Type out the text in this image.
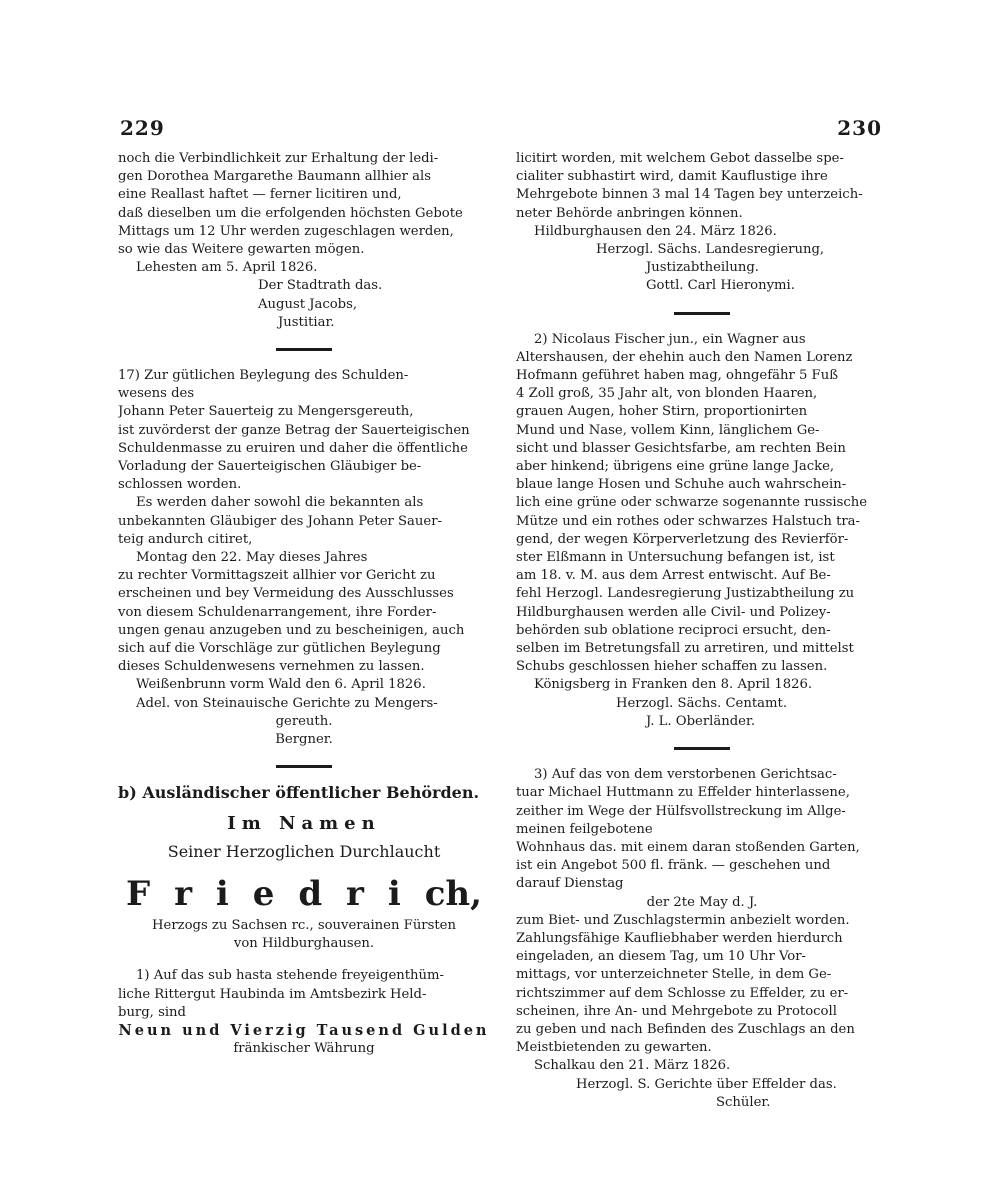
229	230

noch die Verbindlichkeit zur Erhaltung der ledi-

gen Dorothea Margarethe Baumann allhier als

eine Reallast haftet — ferner licitiren und,

daß dieselben um die erfolgenden höchsten Gebote

Mittags um 12 Uhr werden zugeschlagen werden,

so wie das Weitere gewarten mögen.

Lehesten am 5. April 1826.

Der Stadtrath das.

August Jacobs,

Justitiar.

17) Zur gütlichen Beylegung des Schulden-

wesens des

Johann Peter Sauerteig zu Mengersgereuth,

ist zuvörderst der ganze Betrag der Sauerteigischen

Schuldenmasse zu eruiren und daher die öffentliche

Vorladung der Sauerteigischen Gläubiger be-

schlossen worden.

Es werden daher sowohl die bekannten als

unbekannten Gläubiger des Johann Peter Sauer-

teig andurch citiret,

Montag den 22. May dieses Jahres

zu rechter Vormittagszeit allhier vor Gericht zu

erscheinen und bey Vermeidung des Ausschlusses

von diesem Schuldenarrangement, ihre Forder-

ungen genau anzugeben und zu bescheinigen, auch

sich auf die Vorschläge zur gütlichen Beylegung

dieses Schuldenwesens vernehmen zu lassen.

Weißenbrunn vorm Wald den 6. April 1826.

Adel. von Steinauische Gerichte zu Mengers-

gereuth.

Bergner.

b) Ausländischer öffentlicher Behörden.

Im Namen

Seiner Herzoglichen Durchlaucht

F r i e d r i ch,

Herzogs zu Sachsen rc., souverainen Fürsten

von Hildburghausen.

1) Auf das sub hasta stehende freyeigenthüm-

liche Rittergut Haubinda im Amtsbezirk Held-

burg, sind

Neun und Vierzig Tausend Gulden

fränkischer Währung

licitirt worden, mit welchem Gebot dasselbe spe-

cialiter subhastirt wird, damit Kauflustige ihre

Mehrgebote binnen 3 mal 14 Tagen bey unterzeich-

neter Behörde anbringen können.

Hildburghausen den 24. März 1826.

Herzogl. Sächs. Landesregierung,

Justizabtheilung.

Gottl. Carl Hieronymi.

2) Nicolaus Fischer jun., ein Wagner aus

Altershausen, der ehehin auch den Namen Lorenz

Hofmann geführet haben mag, ohngefähr 5 Fuß

4 Zoll groß, 35 Jahr alt, von blonden Haaren,

grauen Augen, hoher Stirn, proportionirten

Mund und Nase, vollem Kinn, länglichem Ge-

sicht und blasser Gesichtsfarbe, am rechten Bein

aber hinkend; übrigens eine grüne lange Jacke,

blaue lange Hosen und Schuhe auch wahrschein-

lich eine grüne oder schwarze sogenannte russische

Mütze und ein rothes oder schwarzes Halstuch tra-

gend, der wegen Körperverletzung des Revierför-

ster Elßmann in Untersuchung befangen ist, ist

am 18. v. M. aus dem Arrest entwischt. Auf Be-

fehl Herzogl. Landesregierung Justizabtheilung zu

Hildburghausen werden alle Civil- und Polizey-

behörden sub oblatione reciproci ersucht, den-

selben im Betretungsfall zu arretiren, und mittelst

Schubs geschlossen hieher schaffen zu lassen.

Königsberg in Franken den 8. April 1826.

Herzogl. Sächs. Centamt.

J. L. Oberländer.

3) Auf das von dem verstorbenen Gerichtsac-

tuar Michael Huttmann zu Effelder hinterlassene,

zeither im Wege der Hülfsvollstreckung im Allge-

meinen feilgebotene

Wohnhaus das. mit einem daran stoßenden Garten,

ist ein Angebot 500 fl. fränk. — geschehen und

darauf Dienstag

der 2te May d. J.

zum Biet- und Zuschlagstermin anbezielt worden.

Zahlungsfähige Kaufliebhaber werden hierdurch

eingeladen, an diesem Tag, um 10 Uhr Vor-

mittags, vor unterzeichneter Stelle, in dem Ge-

richtszimmer auf dem Schlosse zu Effelder, zu er-

scheinen, ihre An- und Mehrgebote zu Protocoll

zu geben und nach Befinden des Zuschlags an den

Meistbietenden zu gewarten.

Schalkau den 21. März 1826.

Herzogl. S. Gerichte über Effelder das.

Schüler.
